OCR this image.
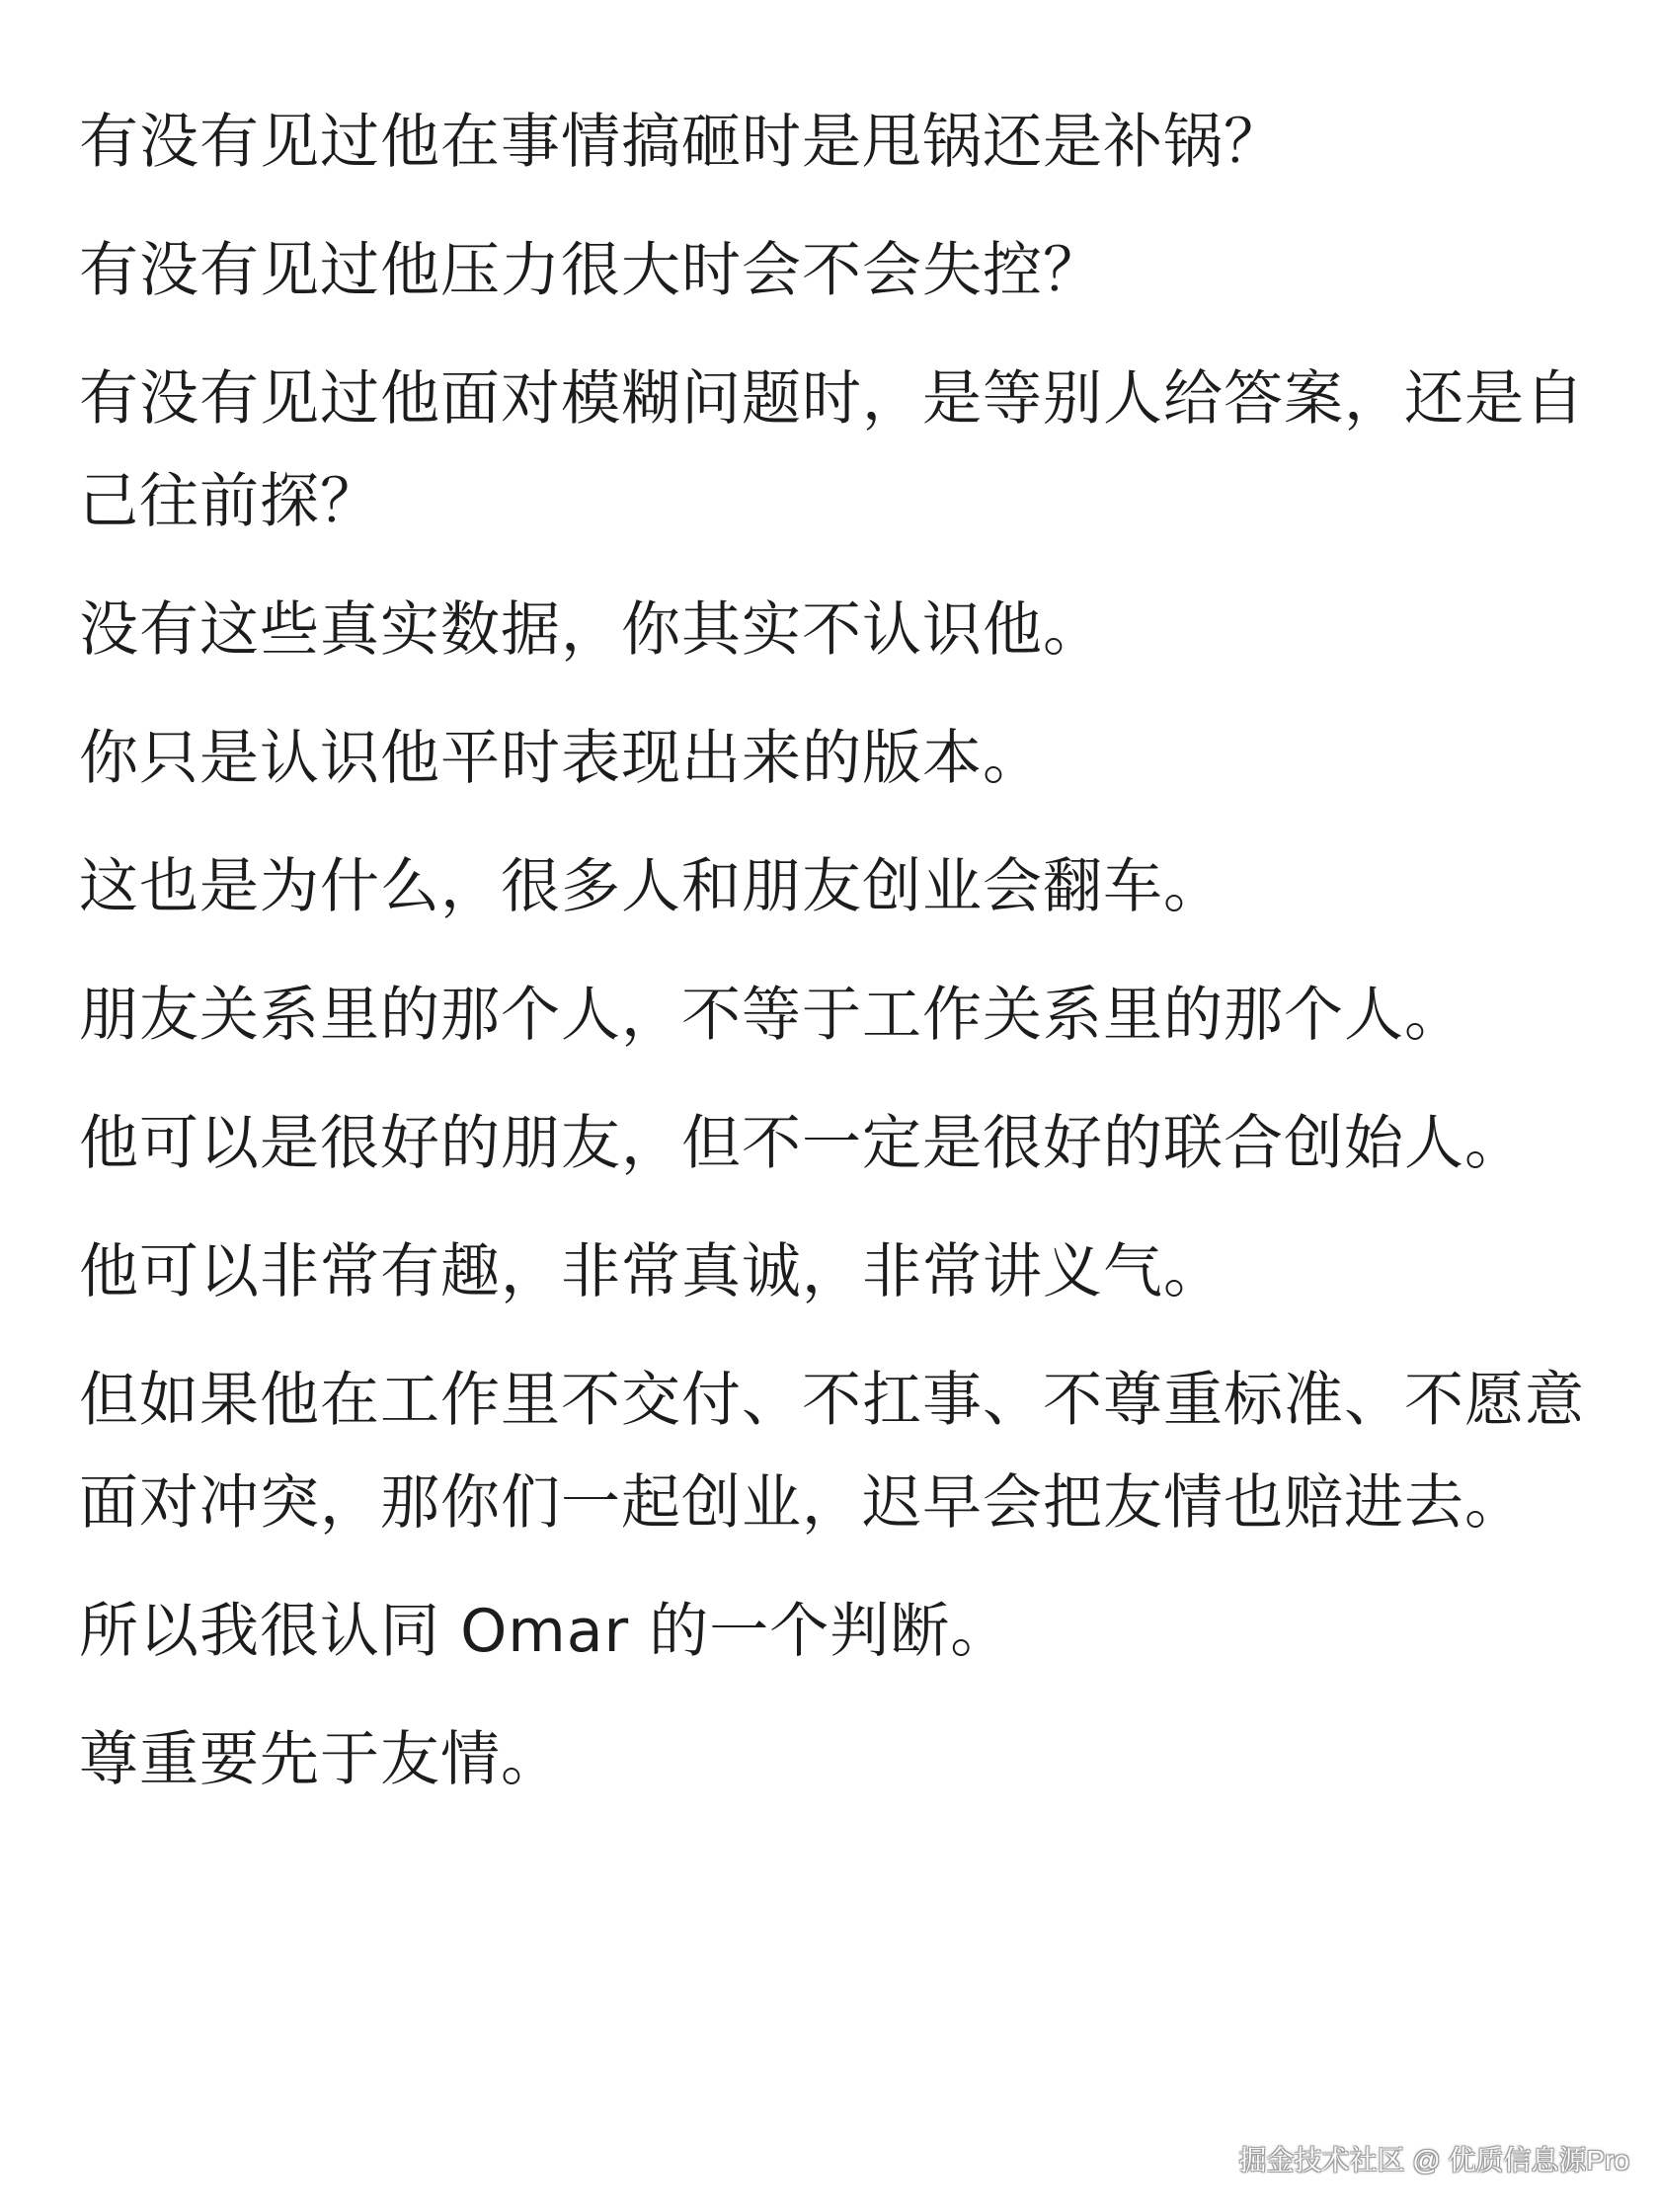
有没有见过他在事情搞砸时是甩锅还是补锅？

有没有见过他压力很大时会不会失控？

有没有见过他面对模糊问题时，是等别人给答案，还是自己往前探？

没有这些真实数据，你其实不认识他。

你只是认识他平时表现出来的版本。

这也是为什么，很多人和朋友创业会翻车。

朋友关系里的那个人，不等于工作关系里的那个人。

他可以是很好的朋友，但不一定是很好的联合创始人。

他可以非常有趣，非常真诚，非常讲义气。

但如果他在工作里不交付、不扛事、不尊重标准、不愿意面对冲突，那你们一起创业，迟早会把友情也赔进去。

所以我很认同 Omar 的一个判断。

尊重要先于友情。

掘金技术社区 @ 优质信息源Pro
